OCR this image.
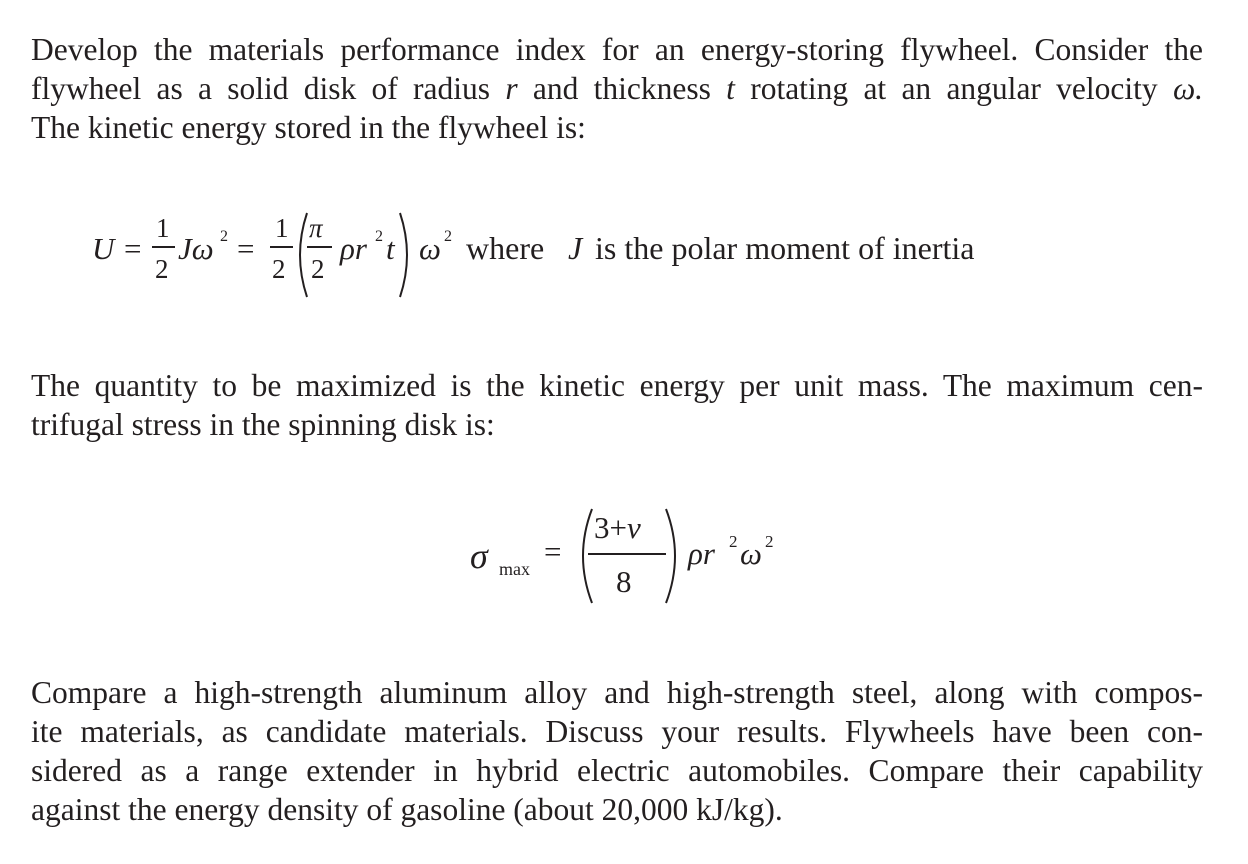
Develop the materials performance index for an energy-storing flywheel. Consider the
flywheel as a solid disk of radius r and thickness t rotating at an angular velocity ω.
The kinetic energy stored in the flywheel is:
U =
1
2
Jω 2 =
1
2
π
2
ρr 2 t ω 2 where J is the polar moment of inertia
The quantity to be maximized is the kinetic energy per unit mass. The maximum cen-
trifugal stress in the spinning disk is:
σ max =
3+ν
8
ρr 2 ω 2
Compare a high-strength aluminum alloy and high-strength steel, along with compos-
ite materials, as candidate materials. Discuss your results. Flywheels have been con-
sidered as a range extender in hybrid electric automobiles. Compare their capability
against the energy density of gasoline (about 20,000 kJ/kg).
